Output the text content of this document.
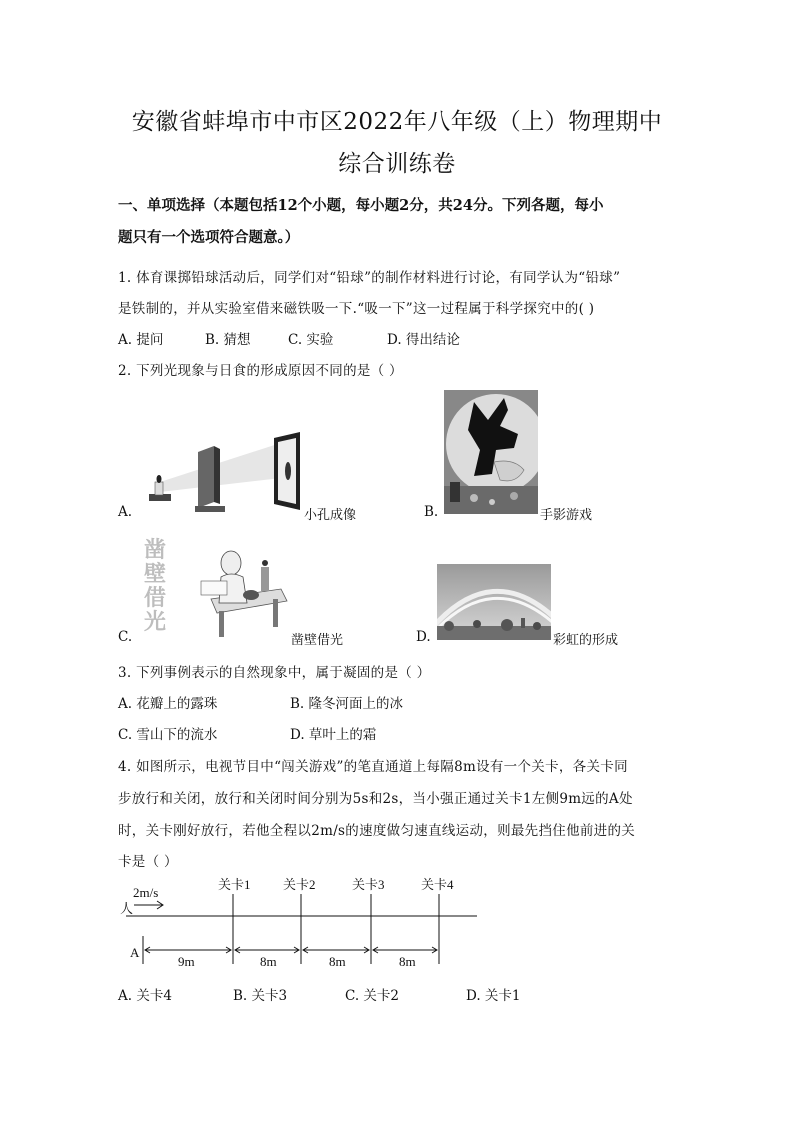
安徽省蚌埠市中市区2022年八年级（上）物理期中
综合训练卷
一、单项选择（本题包括12个小题，每小题2分，共24分。下列各题，每小
题只有一个选项符合题意。）
1. 体育课掷铅球活动后，同学们对“铅球”的制作材料进行讨论，有同学认为“铅球”
是铁制的，并从实验室借来磁铁吸一下.“吸一下”这一过程属于科学探究中的( )
A. 提问	B. 猜想	C. 实验	D. 得出结论
2. 下列光现象与日食的形成原因不同的是（ ）
A.	小孔成像	B.	手影游戏
C.
凿
壁
借
光
凿壁借光	D.	彩虹的形成
3. 下列事例表示的自然现象中，属于凝固的是（ ）
A. 花瓣上的露珠	B. 隆冬河面上的冰
C. 雪山下的流水	D. 草叶上的霜
4. 如图所示，电视节目中“闯关游戏”的笔直通道上每隔8m设有一个关卡，各关卡同
步放行和关闭，放行和关闭时间分别为5s和2s，当小强正通过关卡1左侧9m远的A处
时，关卡刚好放行，若他全程以2m/s的速度做匀速直线运动，则最先挡住他前进的关
卡是（ ）
2m/s
人
A
关卡1 关卡2	关卡3	关卡4
9m	8m	8m	8m
A. 关卡4	B. 关卡3	C. 关卡2	D. 关卡1
